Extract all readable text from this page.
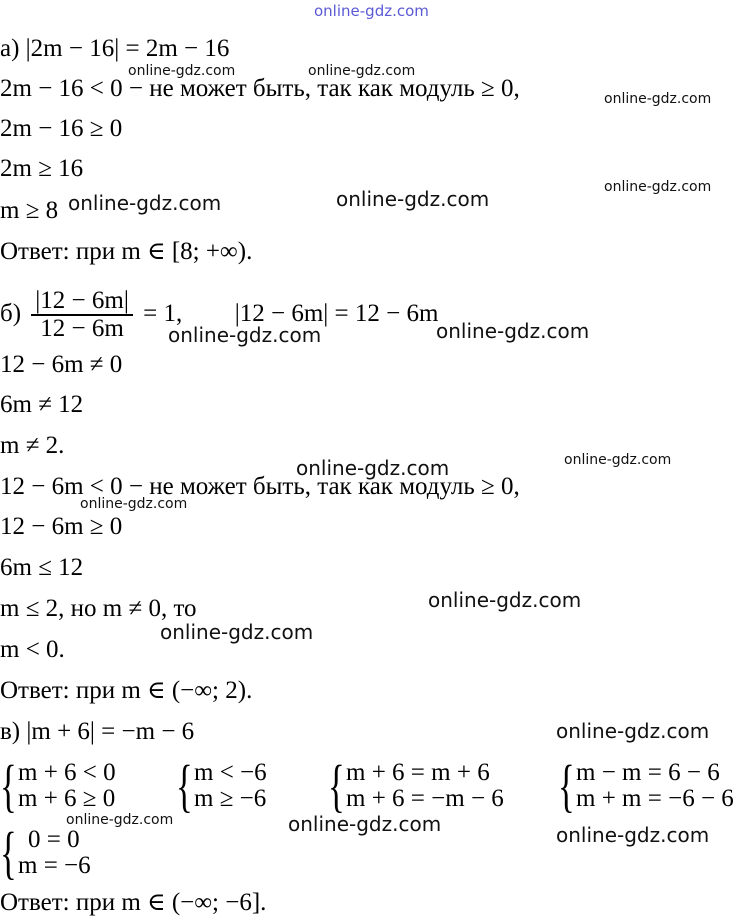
online-gdz.com
а) |2m − 16| = 2m − 16
2m − 16 < 0 − не может быть, так как модуль ≥ 0,
2m − 16 ≥ 0
2m ≥ 16
m ≥ 8
Ответ: при m ∈ [8; +∞).
$б) \frac{|12 - 6m|}{12 - 6m} = 1$, |12 − 6m| = 12 − 6m
12 − 6m ≠ 0
6m ≠ 12
m ≠ 2.
12 − 6m < 0 − не может быть, так как модуль ≥ 0,
12 − 6m ≥ 0
6m ≤ 12
m ≤ 2, но m ≠ 0, то
m < 0.
Ответ: при m ∈ (−∞; 2).
в) |m + 6| = −m − 6
{ m + 6 < 0
m + 6 ≥ 0 { m < −6
m ≥ −6 { m + 6 = m + 6
m + 6 = −m − 6 { m − m = 6 − 6
m + m = −6 − 6
{ 0 = 0
m = −6
Ответ: при m ∈ (−∞; −6].
online-gdz.com	online-gdz.com
online-gdz.com
online-gdz.com
online-gdz.com	online-gdz.com
online-gdz.com	online-gdz.com
online-gdz.com	online-gdz.com
online-gdz.com
online-gdz.com
online-gdz.com
online-gdz.com
online-gdz.com	online-gdz.com	online-gdz.com
